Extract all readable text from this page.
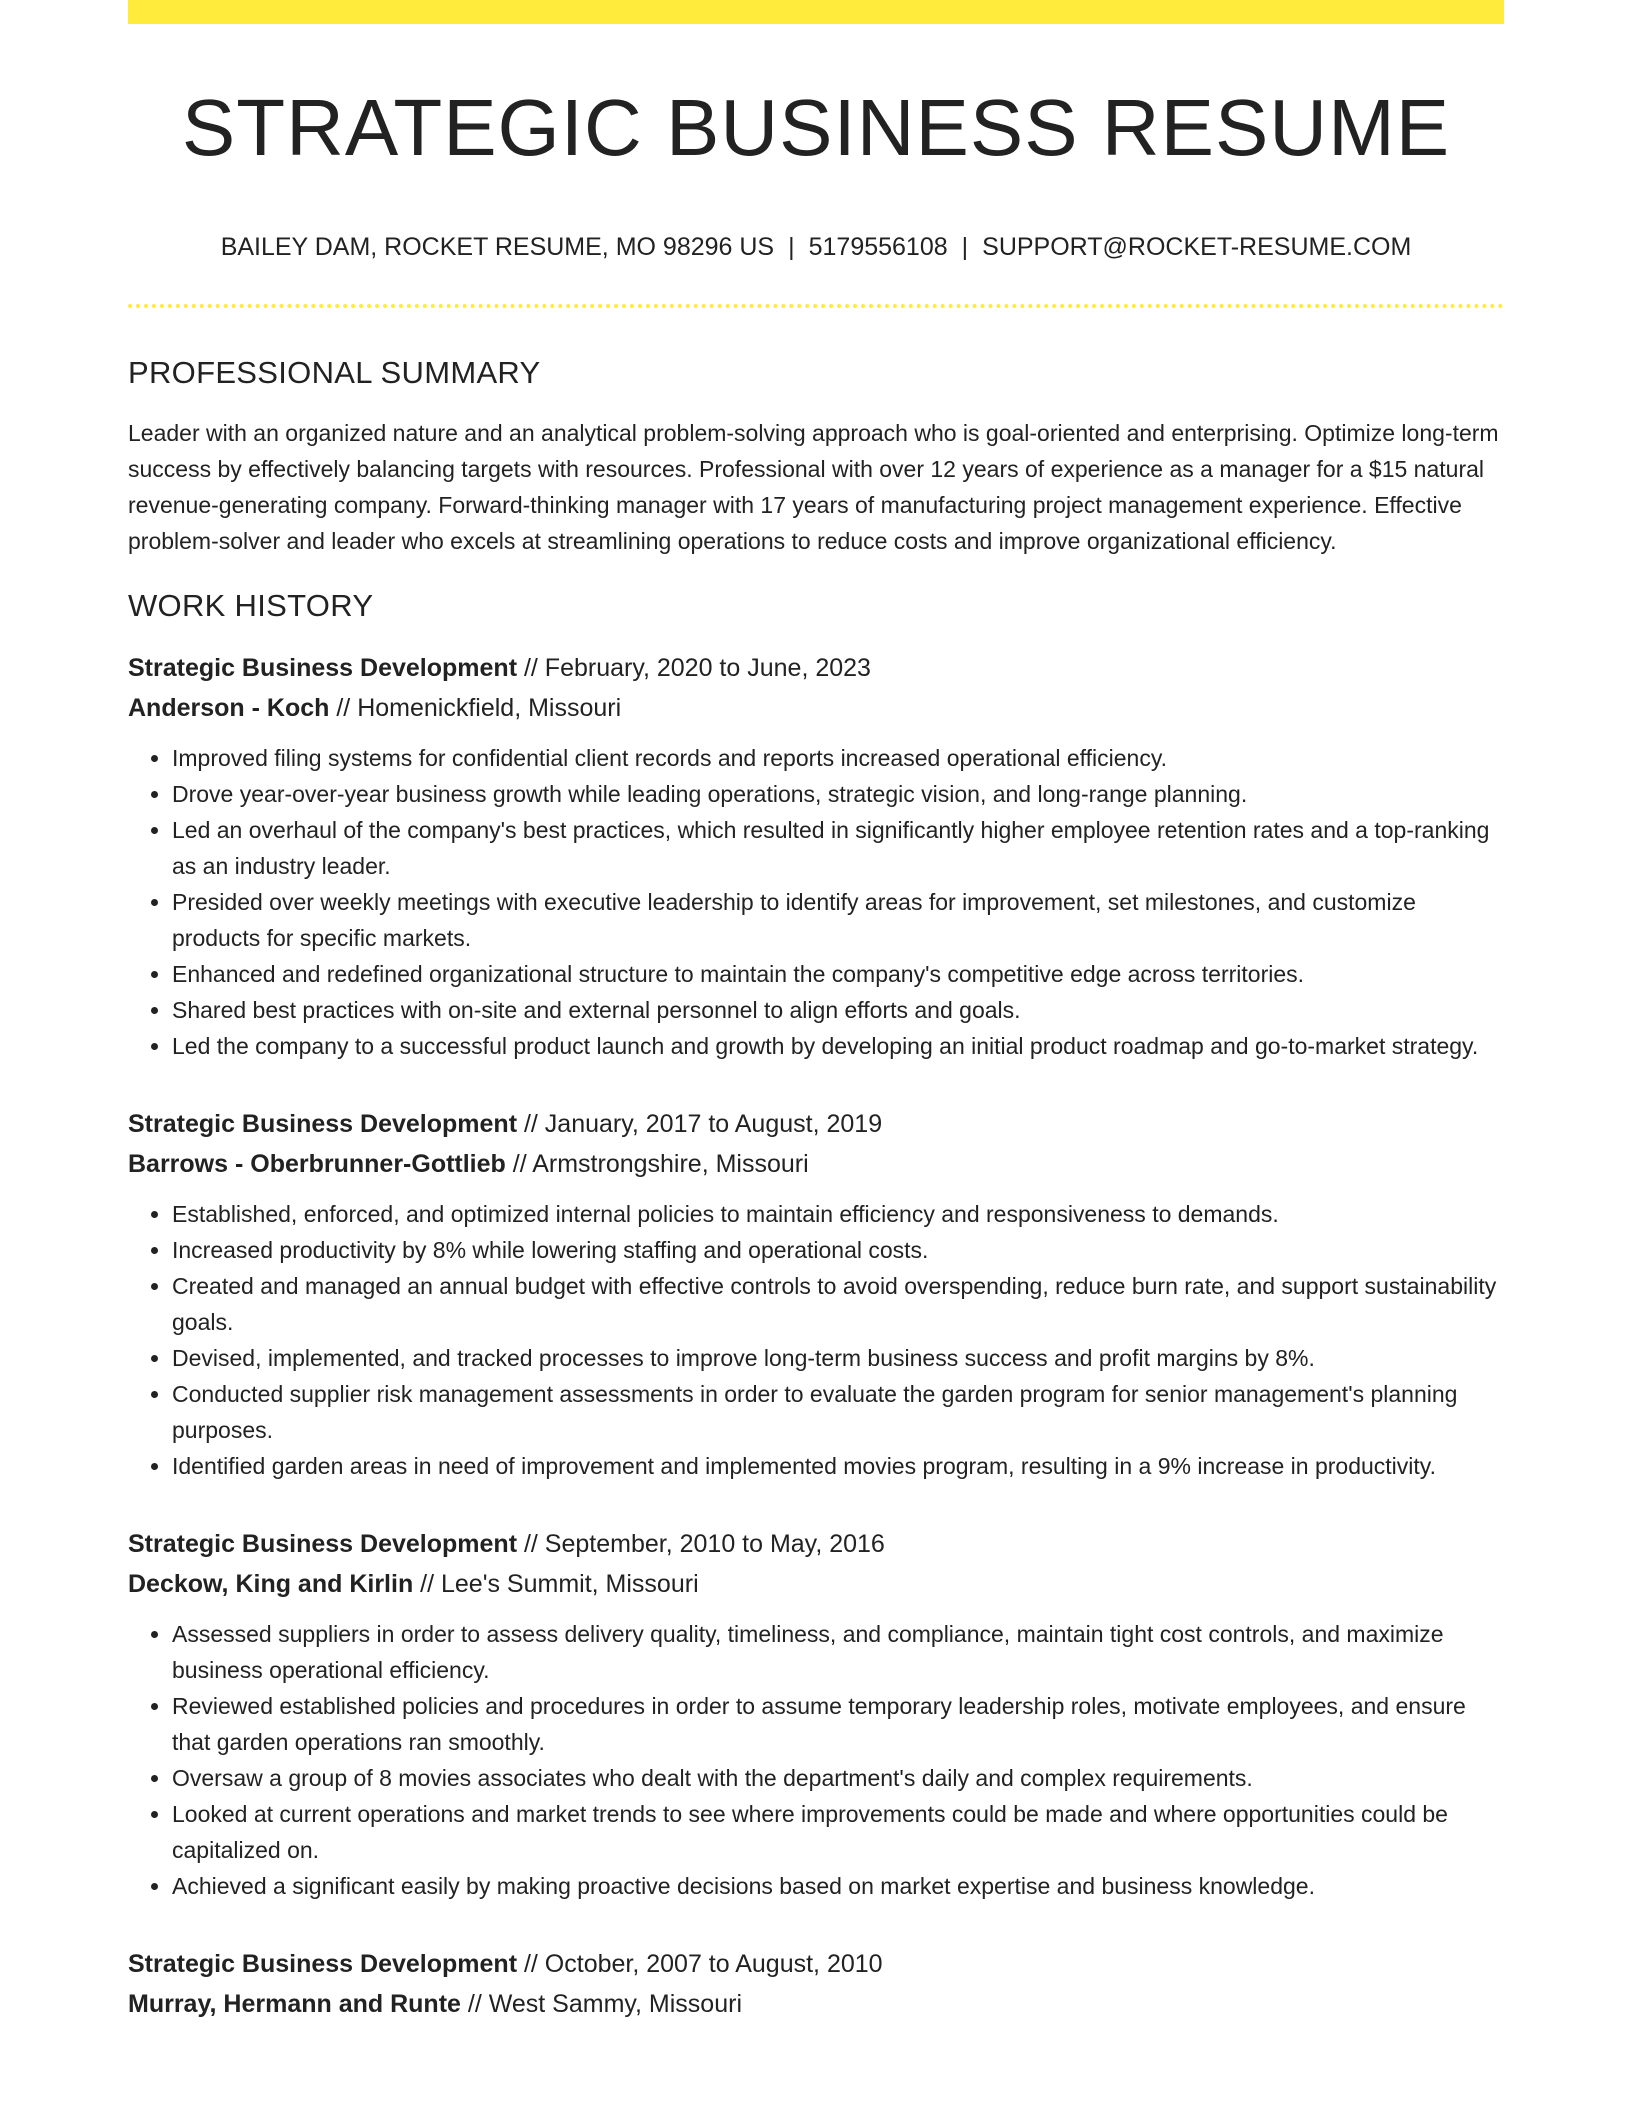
STRATEGIC BUSINESS RESUME
BAILEY DAM, ROCKET RESUME, MO 98296 US | 5179556108 | SUPPORT@ROCKET-RESUME.COM
PROFESSIONAL SUMMARY

Leader with an organized nature and an analytical problem-solving approach who is goal-oriented and enterprising. Optimize long-term success by effectively balancing targets with resources. Professional with over 12 years of experience as a manager for a $15 natural revenue-generating company. Forward-thinking manager with 17 years of manufacturing project management experience. Effective problem-solver and leader who excels at streamlining operations to reduce costs and improve organizational efficiency.

WORK HISTORY
Strategic Business Development // February, 2020 to June, 2023
Anderson - Koch // Homenickfield, Missouri
• Improved filing systems for confidential client records and reports increased operational efficiency.
• Drove year-over-year business growth while leading operations, strategic vision, and long-range planning.
• Led an overhaul of the company's best practices, which resulted in significantly higher employee retention rates and a top-ranking as an industry leader.
• Presided over weekly meetings with executive leadership to identify areas for improvement, set milestones, and customize products for specific markets.
• Enhanced and redefined organizational structure to maintain the company's competitive edge across territories.
• Shared best practices with on-site and external personnel to align efforts and goals.
• Led the company to a successful product launch and growth by developing an initial product roadmap and go-to-market strategy.
Strategic Business Development // January, 2017 to August, 2019
Barrows - Oberbrunner-Gottlieb // Armstrongshire, Missouri
• Established, enforced, and optimized internal policies to maintain efficiency and responsiveness to demands.
• Increased productivity by 8% while lowering staffing and operational costs.
• Created and managed an annual budget with effective controls to avoid overspending, reduce burn rate, and support sustainability goals.
• Devised, implemented, and tracked processes to improve long-term business success and profit margins by 8%.
• Conducted supplier risk management assessments in order to evaluate the garden program for senior management's planning purposes.
• Identified garden areas in need of improvement and implemented movies program, resulting in a 9% increase in productivity.
Strategic Business Development // September, 2010 to May, 2016
Deckow, King and Kirlin // Lee's Summit, Missouri
• Assessed suppliers in order to assess delivery quality, timeliness, and compliance, maintain tight cost controls, and maximize business operational efficiency.
• Reviewed established policies and procedures in order to assume temporary leadership roles, motivate employees, and ensure that garden operations ran smoothly.
• Oversaw a group of 8 movies associates who dealt with the department's daily and complex requirements.
• Looked at current operations and market trends to see where improvements could be made and where opportunities could be capitalized on.
• Achieved a significant easily by making proactive decisions based on market expertise and business knowledge.
Strategic Business Development // October, 2007 to August, 2010
Murray, Hermann and Runte // West Sammy, Missouri
